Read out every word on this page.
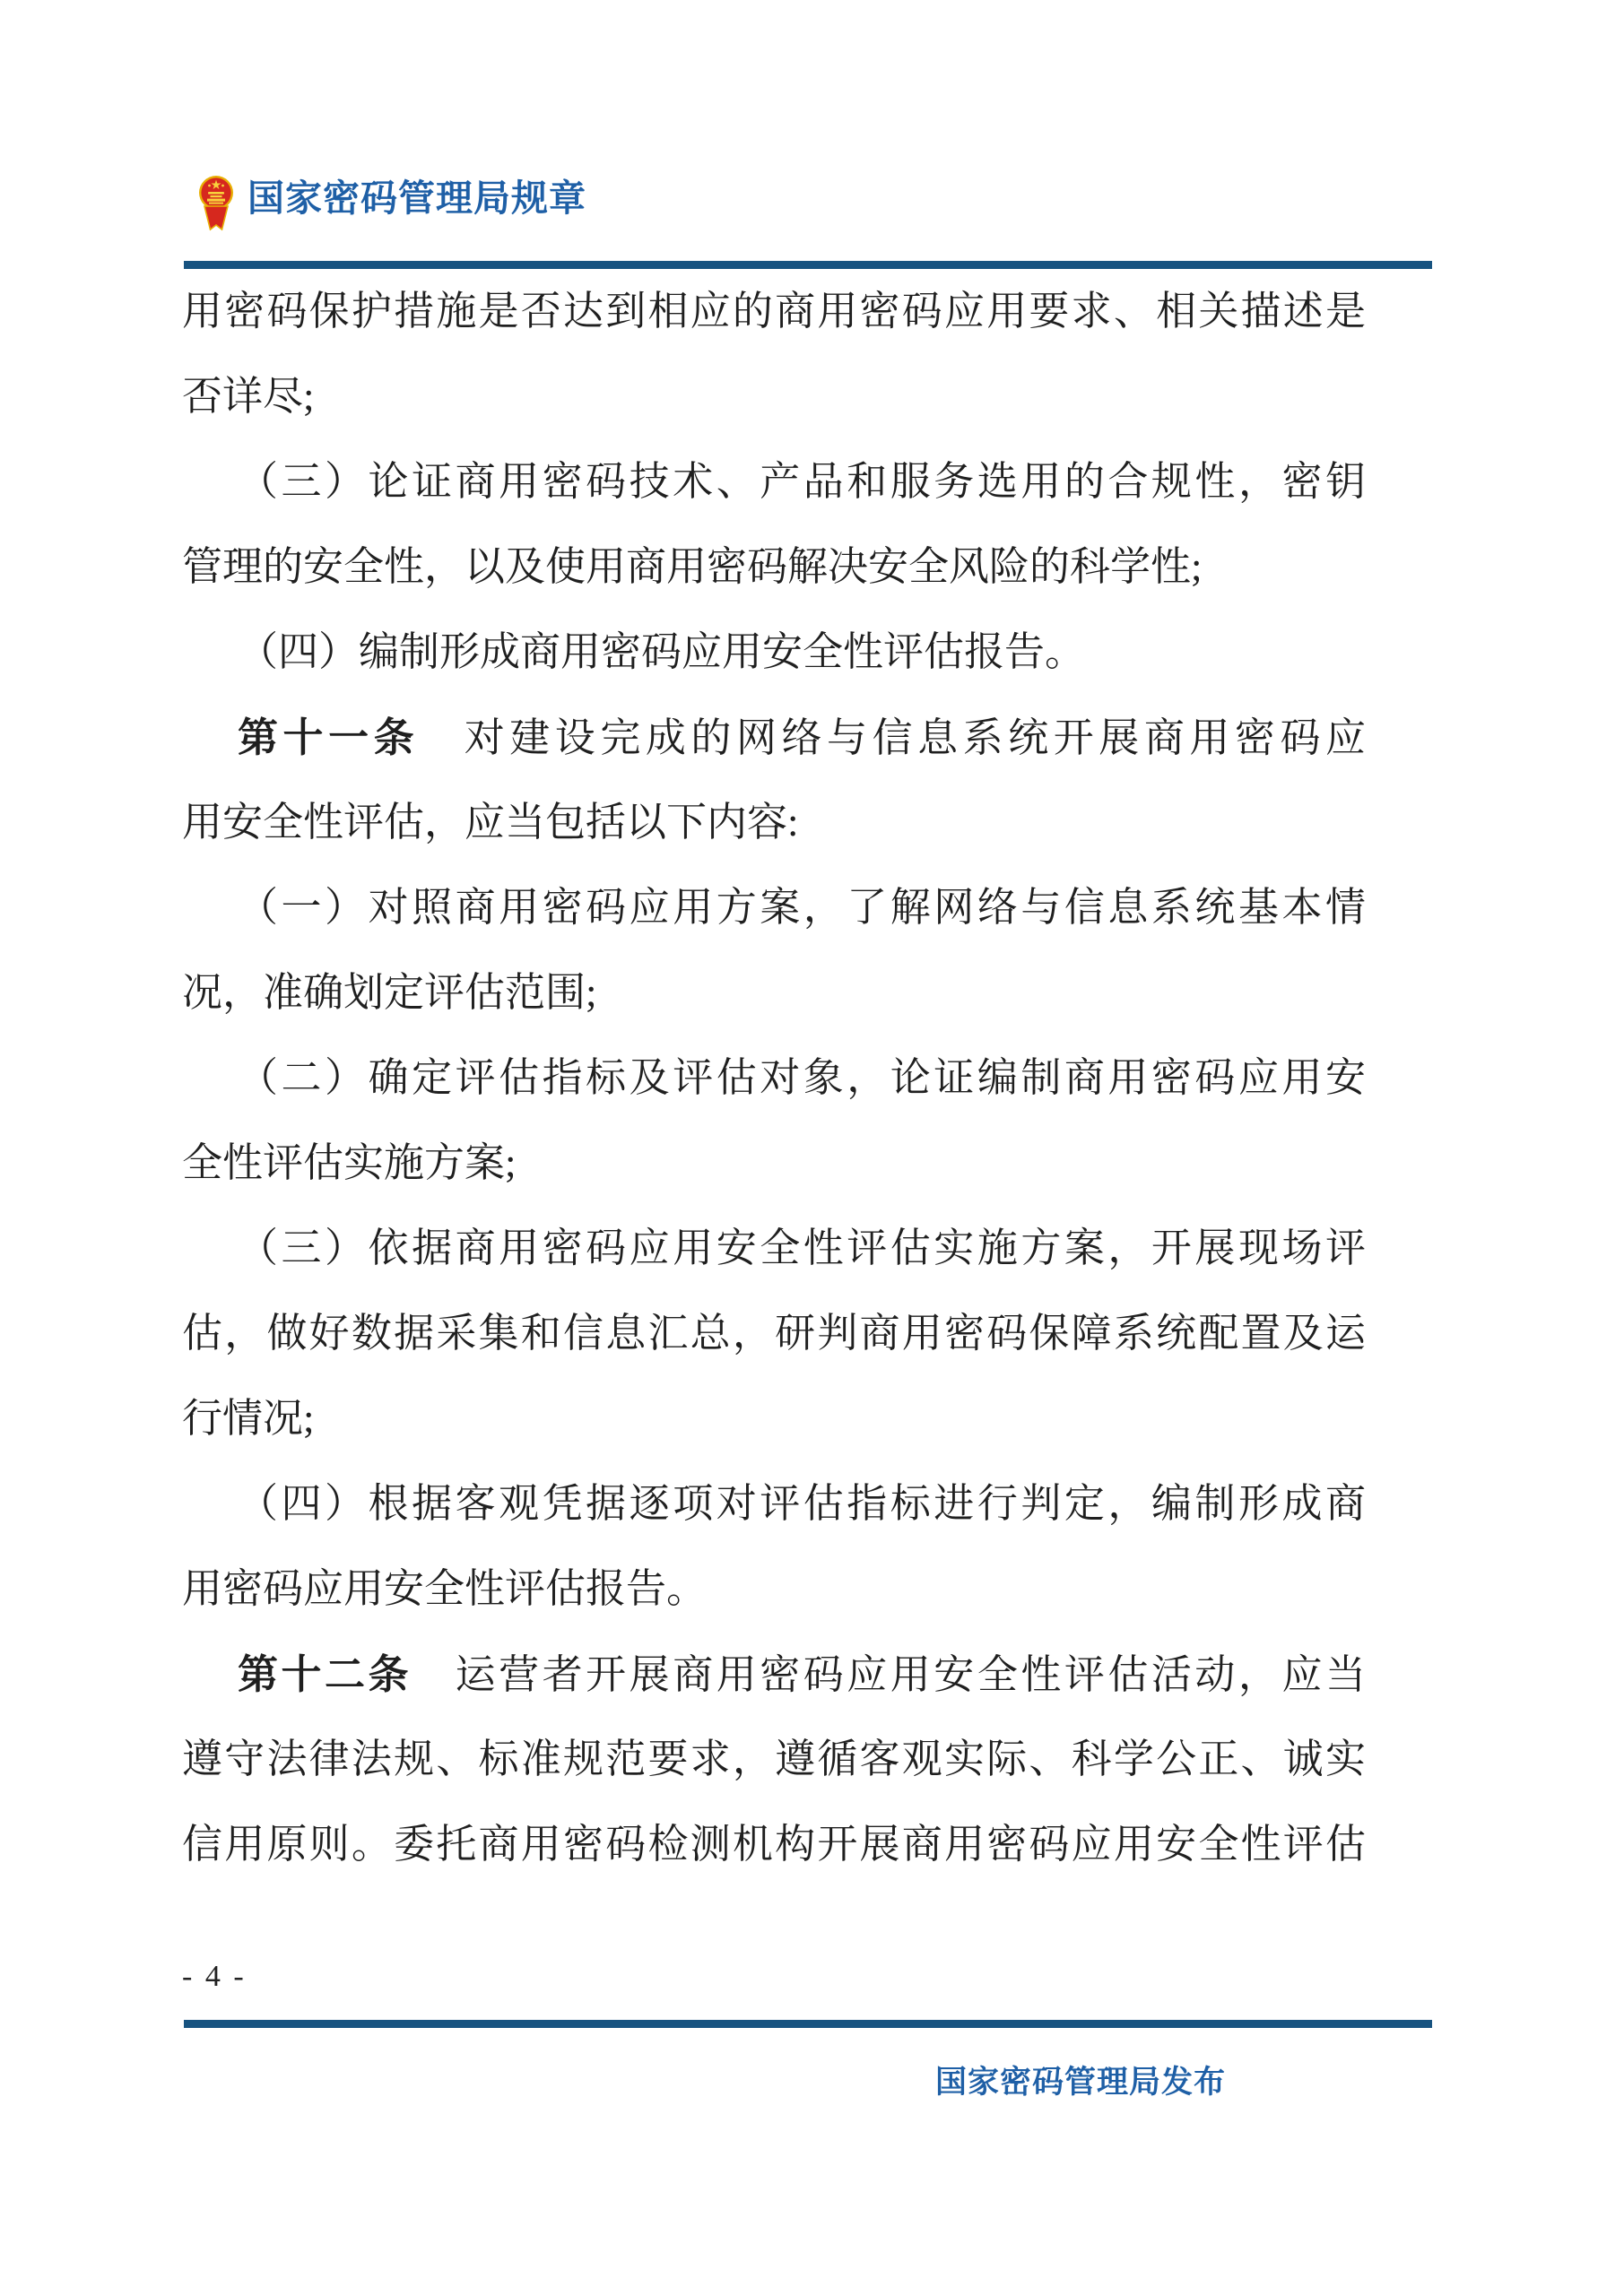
国家密码管理局规章
用密码保护措施是否达到相应的商用密码应用要求、相关描述是
否详尽;
（三）论证商用密码技术、产品和服务选用的合规性，密钥
管理的安全性，以及使用商用密码解决安全风险的科学性;
（四）编制形成商用密码应用安全性评估报告。
第十一条　对建设完成的网络与信息系统开展商用密码应
用安全性评估，应当包括以下内容:
（一）对照商用密码应用方案，了解网络与信息系统基本情
况，准确划定评估范围;
（二）确定评估指标及评估对象，论证编制商用密码应用安
全性评估实施方案;
（三）依据商用密码应用安全性评估实施方案，开展现场评
估，做好数据采集和信息汇总，研判商用密码保障系统配置及运
行情况;
（四）根据客观凭据逐项对评估指标进行判定，编制形成商
用密码应用安全性评估报告。
第十二条　运营者开展商用密码应用安全性评估活动，应当
遵守法律法规、标准规范要求，遵循客观实际、科学公正、诚实
信用原则。委托商用密码检测机构开展商用密码应用安全性评估
- 4 -
国家密码管理局发布
